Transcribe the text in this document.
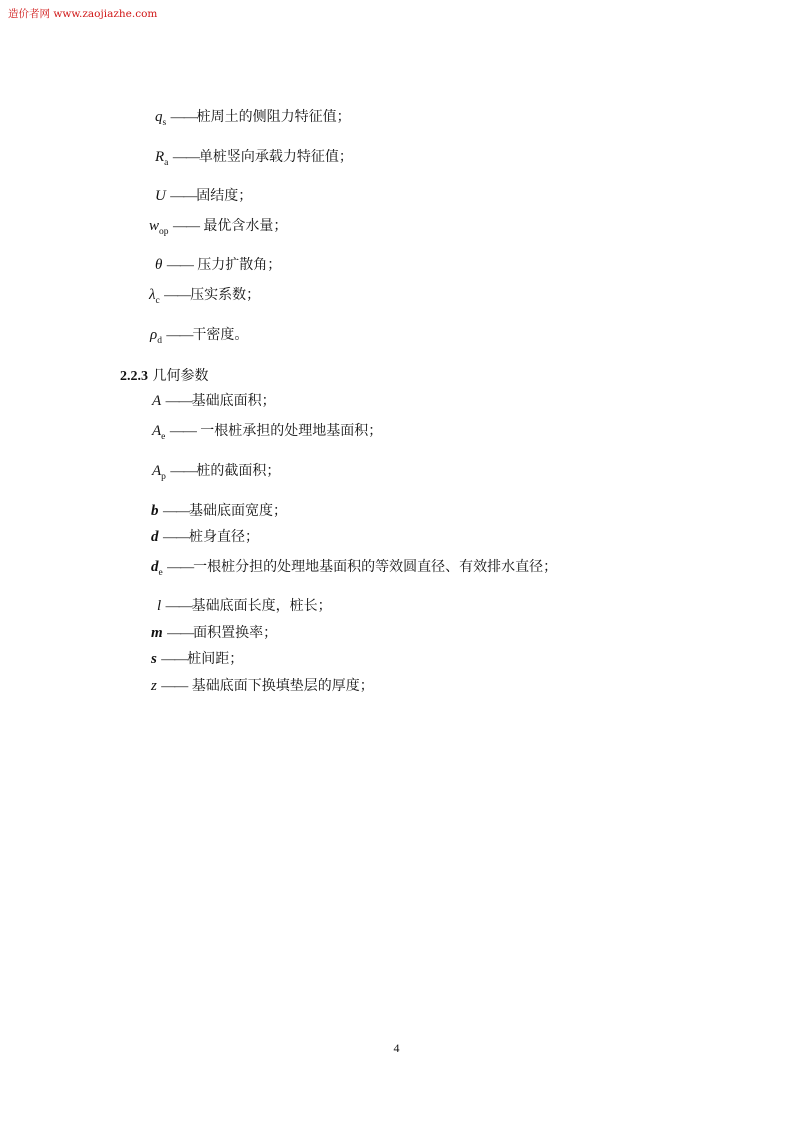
造价者网 www.zaojiazhe.com
$q_s$ ——桩周土的侧阻力特征值；
$R_a$ ——单桩竖向承载力特征值；
U ——固结度；
$w_{op}$ —— 最优含水量；
θ —— 压力扩散角；
$\lambda_c$ ——压实系数；
$\rho_d$ ——干密度。
2.2.3 几何参数
A ——基础底面积；
$A_e$ —— 一根桩承担的处理地基面积；
$A_p$ ——桩的截面积；
b ——基础底面宽度；
d ——桩身直径；
$d_e$ ——一根桩分担的处理地基面积的等效圆直径、有效排水直径；
l ——基础底面长度，桩长；
m ——面积置换率；
s ——桩间距；
z —— 基础底面下换填垫层的厚度；
4
